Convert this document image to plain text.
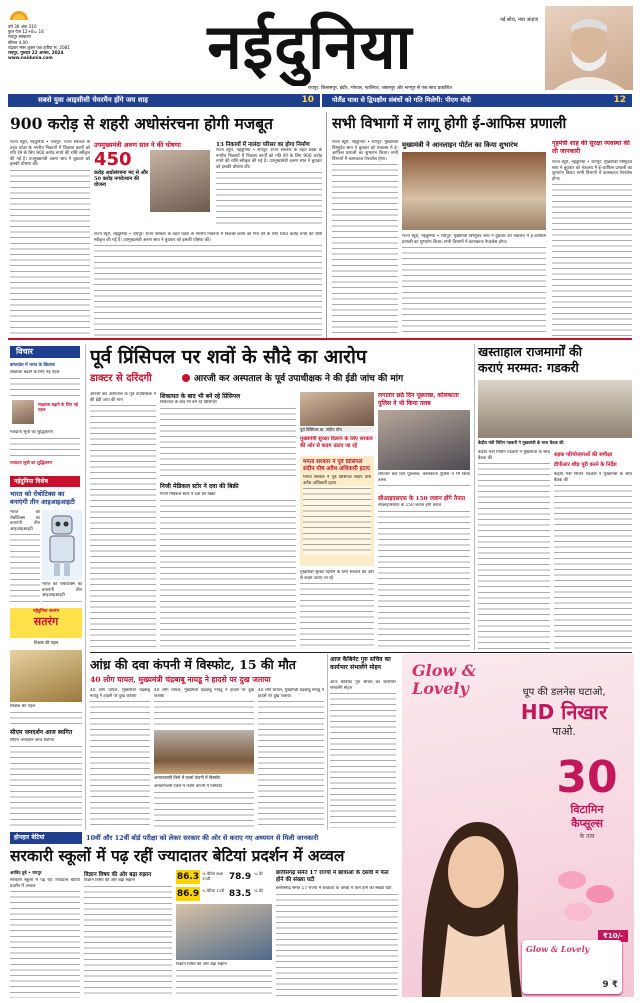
वर्ष 36 अंक 310
कुल पेज 12+8= 16
रायपुर संस्करण
कीमत 4.00
चंद्रवार मास शुक्ल पक्ष तृतीया सं. 2081
रायपुर, गुरुवार 22 अगस्त, 2024
www.naidunia.com	नईदुनिया	नई सोच, नया अंदाज
रायपुर, बिलासपुर, इंदौर, भोपाल, ग्वालियर, जबलपुर और नागपुर से एक साथ प्रकाशित
सबसे युवा आइसीसी चेयरमैन होंगे जय शाह	10	पोलैंड यात्रा से द्विपक्षीय संबंधों को गति मिलेगी: पीएम मोदी	12
900 करोड़ से शहरी अधोसंरचना होगी मजबूत
राज्य ब्यूरो, नईदुनिया • रायपुर: राज्य सरकार के तहत प्रदेश के नगरीय निकायों में विकास कार्यों को गति देने के लिए 900 करोड़ रुपये की राशि स्वीकृत की गई है। उपमुख्यमंत्री अरुण साव ने बुधवार को इसकी घोषणा की।
उपमुख्यमंत्री अरुण साव ने की घोषणा
450
करोड़ अधोसंरचना मद से और 50 करोड़ नगरोत्थान की योजना
13 निकायों में नालंदा परिसर का होगा निर्माण
राज्य ब्यूरो, नईदुनिया • रायपुर: राज्य सरकार के तहत प्रदेश के नगरीय निकायों में विकास कार्यों को गति देने के लिए 900 करोड़ रुपये की राशि स्वीकृत की गई है। उपमुख्यमंत्री अरुण साव ने बुधवार को इसकी घोषणा की।
राज्य ब्यूरो, नईदुनिया • रायपुर: राज्य सरकार के तहत प्रदेश के नगरीय निकायों में विकास कार्यों को गति देने के लिए 900 करोड़ रुपये की राशि स्वीकृत की गई है। उपमुख्यमंत्री अरुण साव ने बुधवार को इसकी घोषणा की।
सभी विभागों में लागू होगी ई-आफिस प्रणाली
राज्य ब्यूरो, नईदुनिया • रायपुर: मुख्यमंत्री विष्णुदेव साय ने बुधवार को मंत्रालय में ई-आफिस प्रणाली का शुभारंभ किया। सभी विभागों में कामकाज पेपरलेस होगा।
मुख्यमंत्री ने आनलाइन पोर्टल का किया शुभारंभ
राज्य ब्यूरो, नईदुनिया • रायपुर: मुख्यमंत्री विष्णुदेव साय ने बुधवार को मंत्रालय में ई-आफिस प्रणाली का शुभारंभ किया। सभी विभागों में कामकाज पेपरलेस होगा।
गृहमंत्री शाह की सुरक्षा व्यवस्था की ली जानकारी
राज्य ब्यूरो, नईदुनिया • रायपुर: मुख्यमंत्री विष्णुदेव साय ने बुधवार को मंत्रालय में ई-आफिस प्रणाली का शुभारंभ किया। सभी विभागों में कामकाज पेपरलेस होगा।
विचार
बांग्लादेश में भारत के खिलाफ
साक्षरता बढ़ाने के लिए नई पहल
साक्षरता बढ़ाने के लिए नई पहल
मतदाता सूची का शुद्धिकरण
मतदाता सूची का शुद्धिकरण
नईदुनिया विशेष
भारत को रोबोटिक्स का बनाएंगी तीन आइआइआइटी
भारत को रोबोटिक्स का बनाएंगी तीन आइआइआइटी
भारत को रोबोटिक्स का बनाएंगी तीन आइआइआइटी
नईदुनिया सतरंग
सतरंग
शिक्षक की पहल
शिक्षक की पहल
सीएम जनदर्शन आज स्थगित
सीएम जनदर्शन आज स्थगित
पूर्व प्रिंसिपल पर शवों के सौदे का आरोप
डाक्टर से दरिंदगी	आरजी कर अस्पताल के पूर्व उपाधीक्षक ने की ईडी जांच की मांग
आरजी कर अस्पताल के पूर्व उपाधीक्षक ने की ईडी जांच की मांग
शिकायत के बाद भी बने रहे प्रिंसिपल
शिकायत के बाद भी बने रहे प्रिंसिपल
निजी मेडिकल स्टोर ने दवा की बिक्री
निजी मेडिकल स्टोर ने दवा की बिक्री
पूर्व प्रिंसिपल डा. संदीप घोष
मुख्यमंत्री सुरक्षा दिलाने के लिए सरकार की ओर से कदम उठाए जा रहे
ममता सरकार ने पूर्व प्रिंसिपल संदीप घोष अवैध अधिकारी हटाए
ममता सरकार ने पूर्व प्रिंसिपल संदीप घोष अवैध अधिकारी हटाए
मुख्यमंत्री सुरक्षा दिलाने के लिए सरकार की ओर से कदम उठाए जा रहे
लगातार छठे दिन पूछताछ, कोलकाता पुलिस ने भी किया तलब
लगातार छठे दिन पूछताछ, कोलकाता पुलिस ने भी किया तलब
सीआइएसएफ के 150 जवान होंगे तैनात
सीआइएसएफ के 150 जवान होंगे तैनात
खस्ताहाल राजमार्गों की
कराएं मरम्मत: गडकरी
केंद्रीय मंत्री नितिन गडकरी ने मुख्यमंत्री के साथ बैठक की
केंद्रीय मंत्री नितिन गडकरी ने मुख्यमंत्री के साथ बैठक की
सड़क परियोजनाओं की समीक्षा
डीपीआर शीघ्र पूरी करने के निर्देश
केंद्रीय मंत्री नितिन गडकरी ने मुख्यमंत्री के साथ बैठक की
आंध्र की दवा कंपनी में विस्फोट, 15 की मौत
40 लोग घायल, मुख्यमंत्री चंद्रबाबू नायडू ने हादसे पर दुख जताया
40 लोग घायल, मुख्यमंत्री चंद्रबाबू नायडू ने हादसे पर दुख जताया
40 लोग घायल, मुख्यमंत्री चंद्रबाबू नायडू ने हादसे पर दुख जताया
अनकापल्ली जिले में फार्मा कंपनी में विस्फोट
अनकापल्ली जिले में फार्मा कंपनी में विस्फोट
40 लोग घायल, मुख्यमंत्री चंद्रबाबू नायडू ने हादसे पर दुख जताया
आज कैबिनेट गुरु सचिव का कार्यभार संभालेंगे मोहन
आज कैबिनेट गुरु सचिव का कार्यभार संभालेंगे मोहन
Glow & Lovely	धूप की डलनेस घटाओ,
HD निखार
पाओ.
30
विटामिन
कैप्सूल्स
के तत्व
₹10/-
Glow & Lovely
9 ₹
होनहार बेटियां	10वीं और 12वीं बोर्ड परीक्षा को लेकर सरकार की ओर से कराए गए अध्ययन से मिली जानकारी
सरकारी स्कूलों में पढ़ रहीं ज्यादातर बेटियां प्रदर्शन में अव्वल
अरविंद दुबे • रायपुर
सरकारी स्कूलों में पढ़ रहीं ज्यादातर बेटियां प्रदर्शन में अव्वल
विज्ञान विषय की ओर बढ़ा रुझान
विज्ञान विषय की ओर बढ़ा रुझान	86.3 % बेटियां कक्षा 10वीं	78.9 % बेटे
86.9 % बेटियां 12वीं 83.5 % बेटे
विज्ञान विषय की ओर बढ़ा रुझान
छत्तीसगढ़ समेत 17 राज्यों में छात्राओं के दसवीं में फेल होने की संख्या घटी
छत्तीसगढ़ समेत 17 राज्यों में छात्राओं के दसवीं में फेल होने की संख्या घटी
